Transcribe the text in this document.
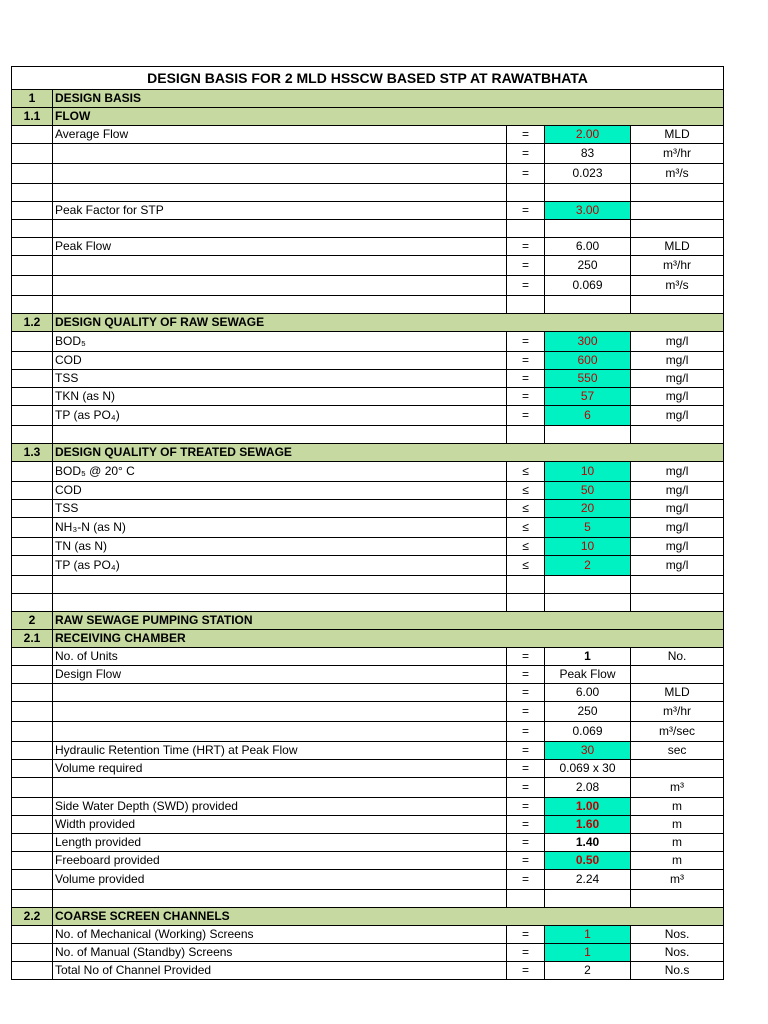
DESIGN BASIS FOR 2 MLD HSSCW BASED STP AT RAWATBHATA				
1	DESIGN BASIS			
1.1	FLOW			
	Average Flow	=	2.00	MLD
		=	83	m³/hr
		=	0.023	m³/s

	Peak Factor for STP	=	3.00	

	Peak Flow	=	6.00	MLD
		=	250	m³/hr
		=	0.069	m³/s

1.2	DESIGN QUALITY OF RAW SEWAGE			
	BOD₅	=	300	mg/l
	COD	=	600	mg/l
	TSS	=	550	mg/l
	TKN (as N)	=	57	mg/l
	TP (as PO₄)	=	6	mg/l

1.3	DESIGN QUALITY OF TREATED SEWAGE			
	BOD₅ @ 20° C	≤	10	mg/l
	COD	≤	50	mg/l
	TSS	≤	20	mg/l
	NH₃-N (as N)	≤	5	mg/l
	TN (as N)	≤	10	mg/l
	TP (as PO₄)	≤	2	mg/l

2	RAW SEWAGE PUMPING STATION			
2.1	RECEIVING CHAMBER			
	No. of Units	=	1	No.
	Design Flow	=	Peak Flow	
		=	6.00	MLD
		=	250	m³/hr
		=	0.069	m³/sec
	Hydraulic Retention Time (HRT) at Peak Flow	=	30	sec
	Volume required	=	0.069 x 30	
		=	2.08	m³
	Side Water Depth (SWD) provided	=	1.00	m
	Width provided	=	1.60	m
	Length provided	=	1.40	m
	Freeboard provided	=	0.50	m
	Volume provided	=	2.24	m³

2.2	COARSE SCREEN CHANNELS			
	No. of Mechanical (Working) Screens	=	1	Nos.
	No. of Manual (Standby) Screens	=	1	Nos.
	Total No of Channel Provided	=	2	No.s
